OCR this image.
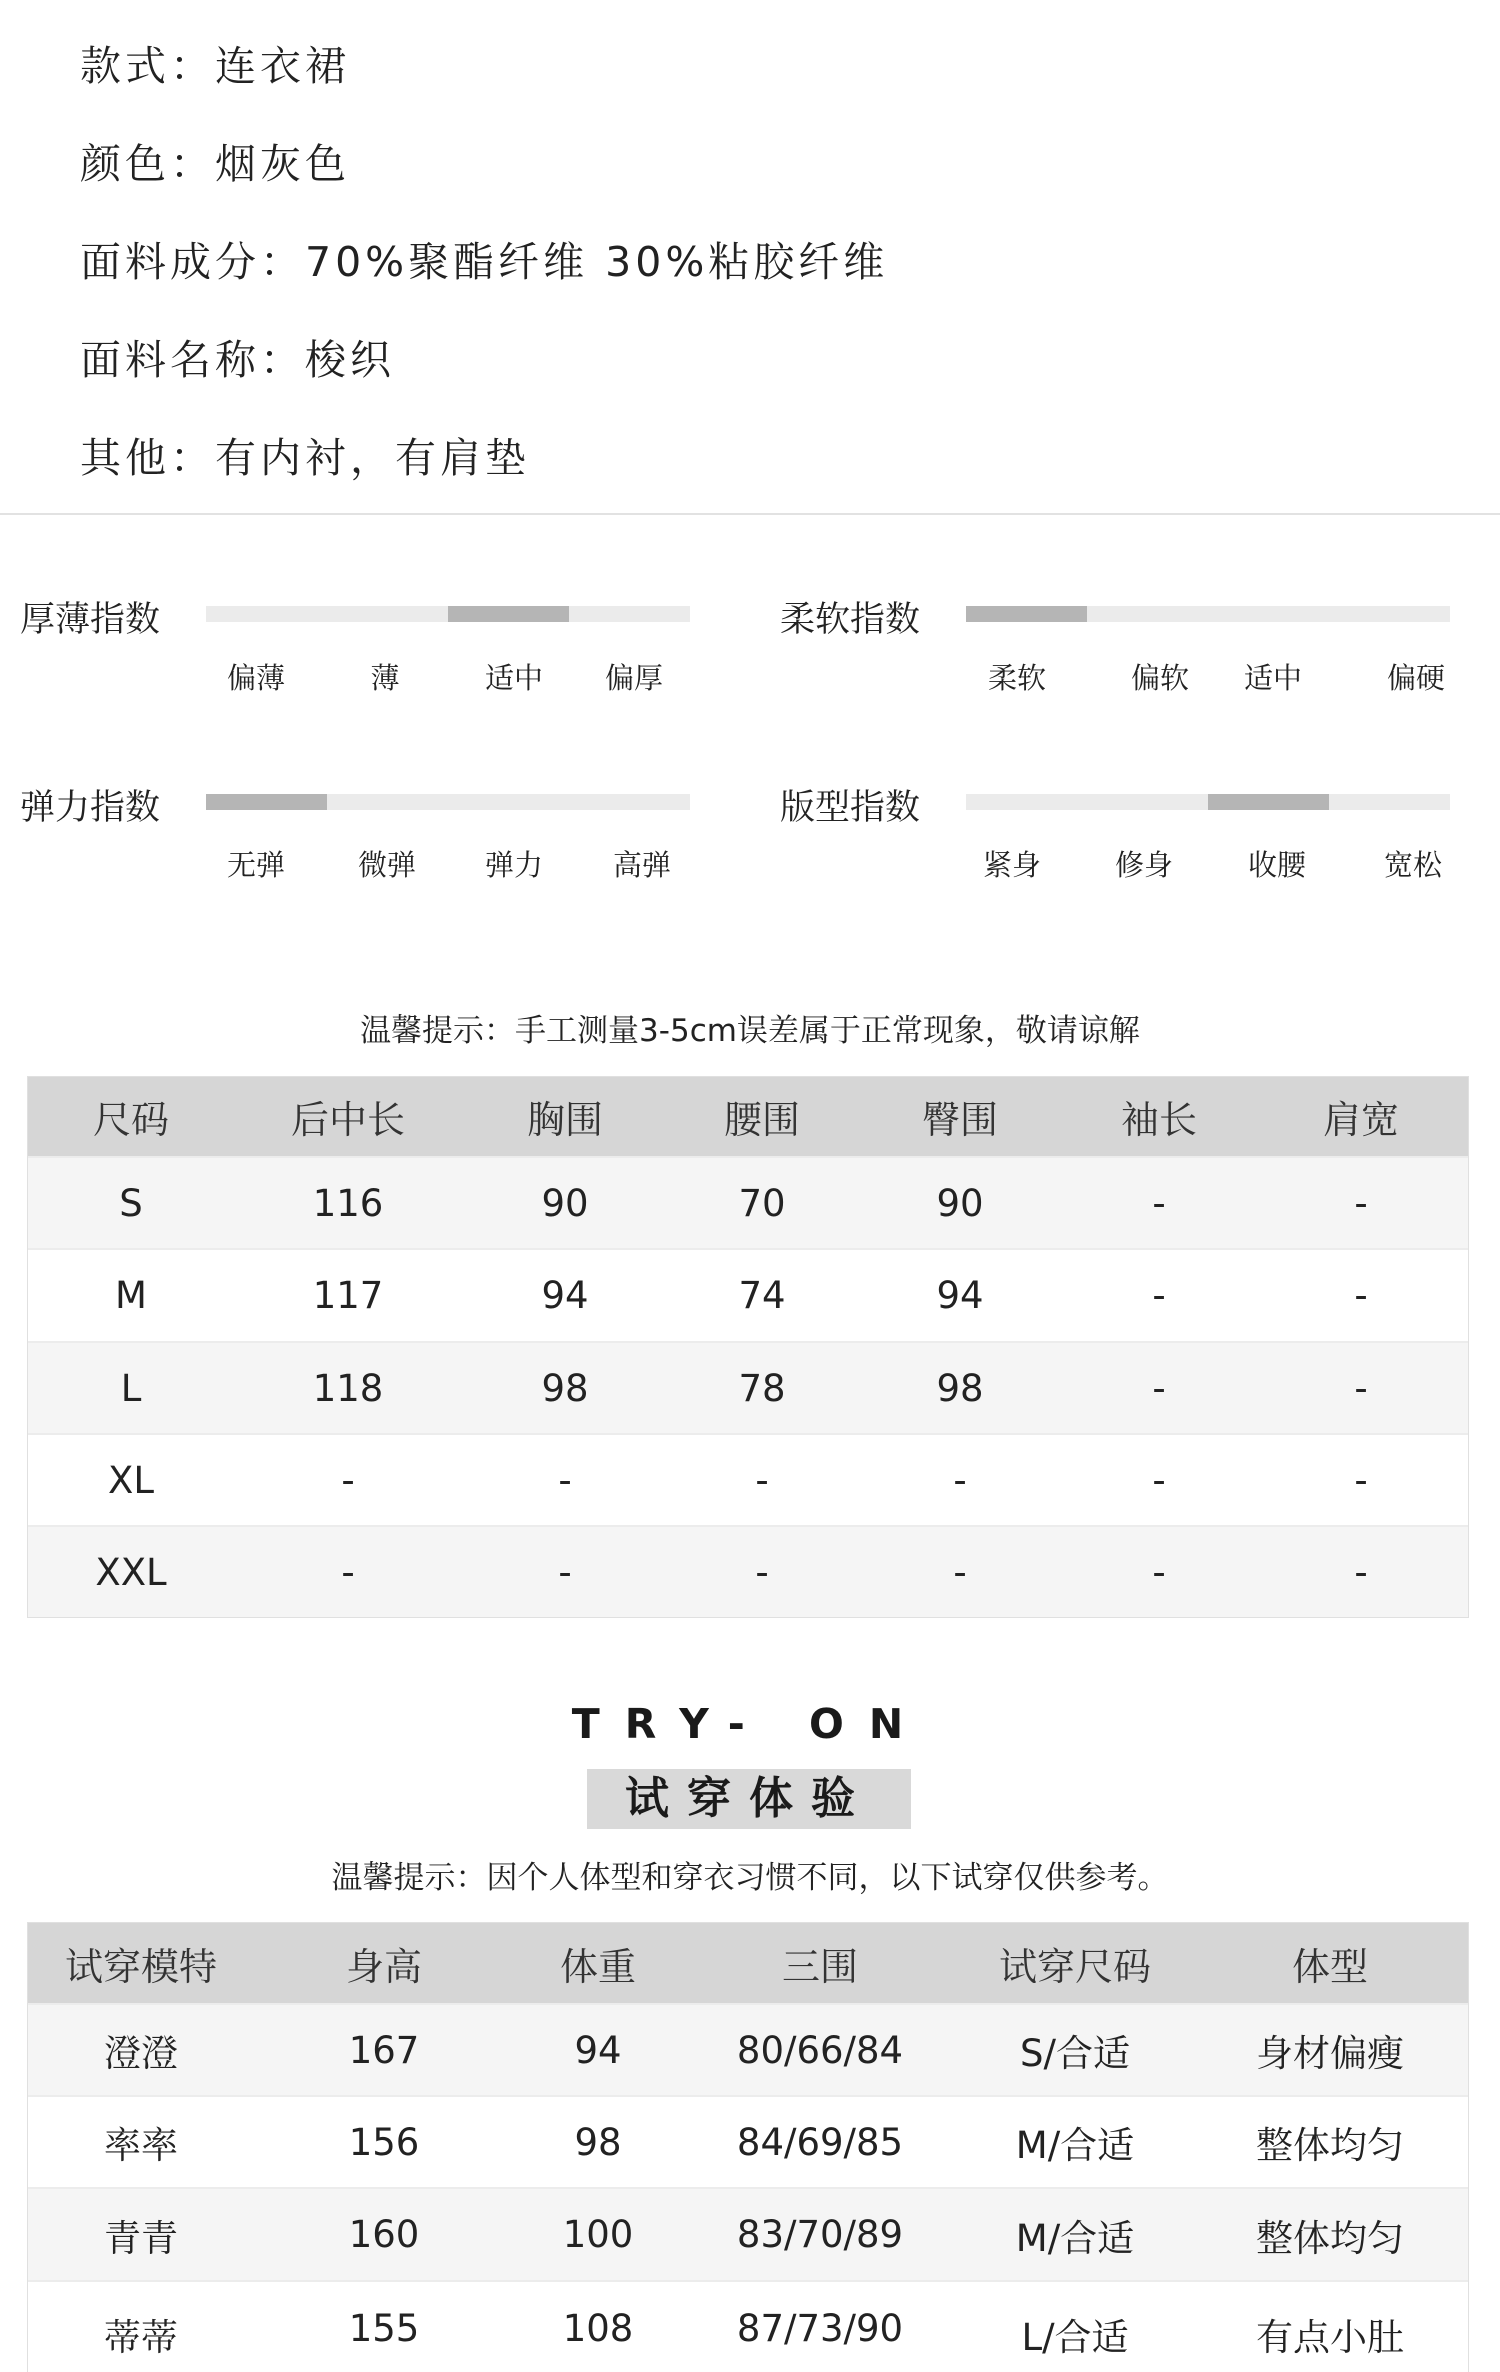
款式：连衣裙
颜色：烟灰色
面料成分：70%聚酯纤维 30%粘胶纤维
面料名称：梭织
其他：有内衬，有肩垫
厚薄指数
偏薄	薄	适中 偏厚
柔软指数
柔软	偏软 适中	偏硬
弹力指数
无弹	微弹 弹力 高弹
版型指数
紧身	修身	收腰	宽松
温馨提示：手工测量3-5cm误差属于正常现象，敬请谅解
尺码	后中长	胸围	腰围	臀围	袖长	肩宽
S	116	90	70	90	-	-
M	117	94	74	94	-	-
L	118	98	78	98	-	-
XL	-	-	-	-	-	-
XXL	-	-	-	-	-	-
TRY- ON
试穿体验
温馨提示：因个人体型和穿衣习惯不同，以下试穿仅供参考。
试穿模特	身高	体重	三围	试穿尺码	体型
澄澄	167	94	80/66/84	S/合适	身材偏瘦
率率	156	98	84/69/85	M/合适	整体均匀
青青	160	100	83/70/89	M/合适	整体均匀
蒂蒂	155	108	87/73/90	L/合适	有点小肚
